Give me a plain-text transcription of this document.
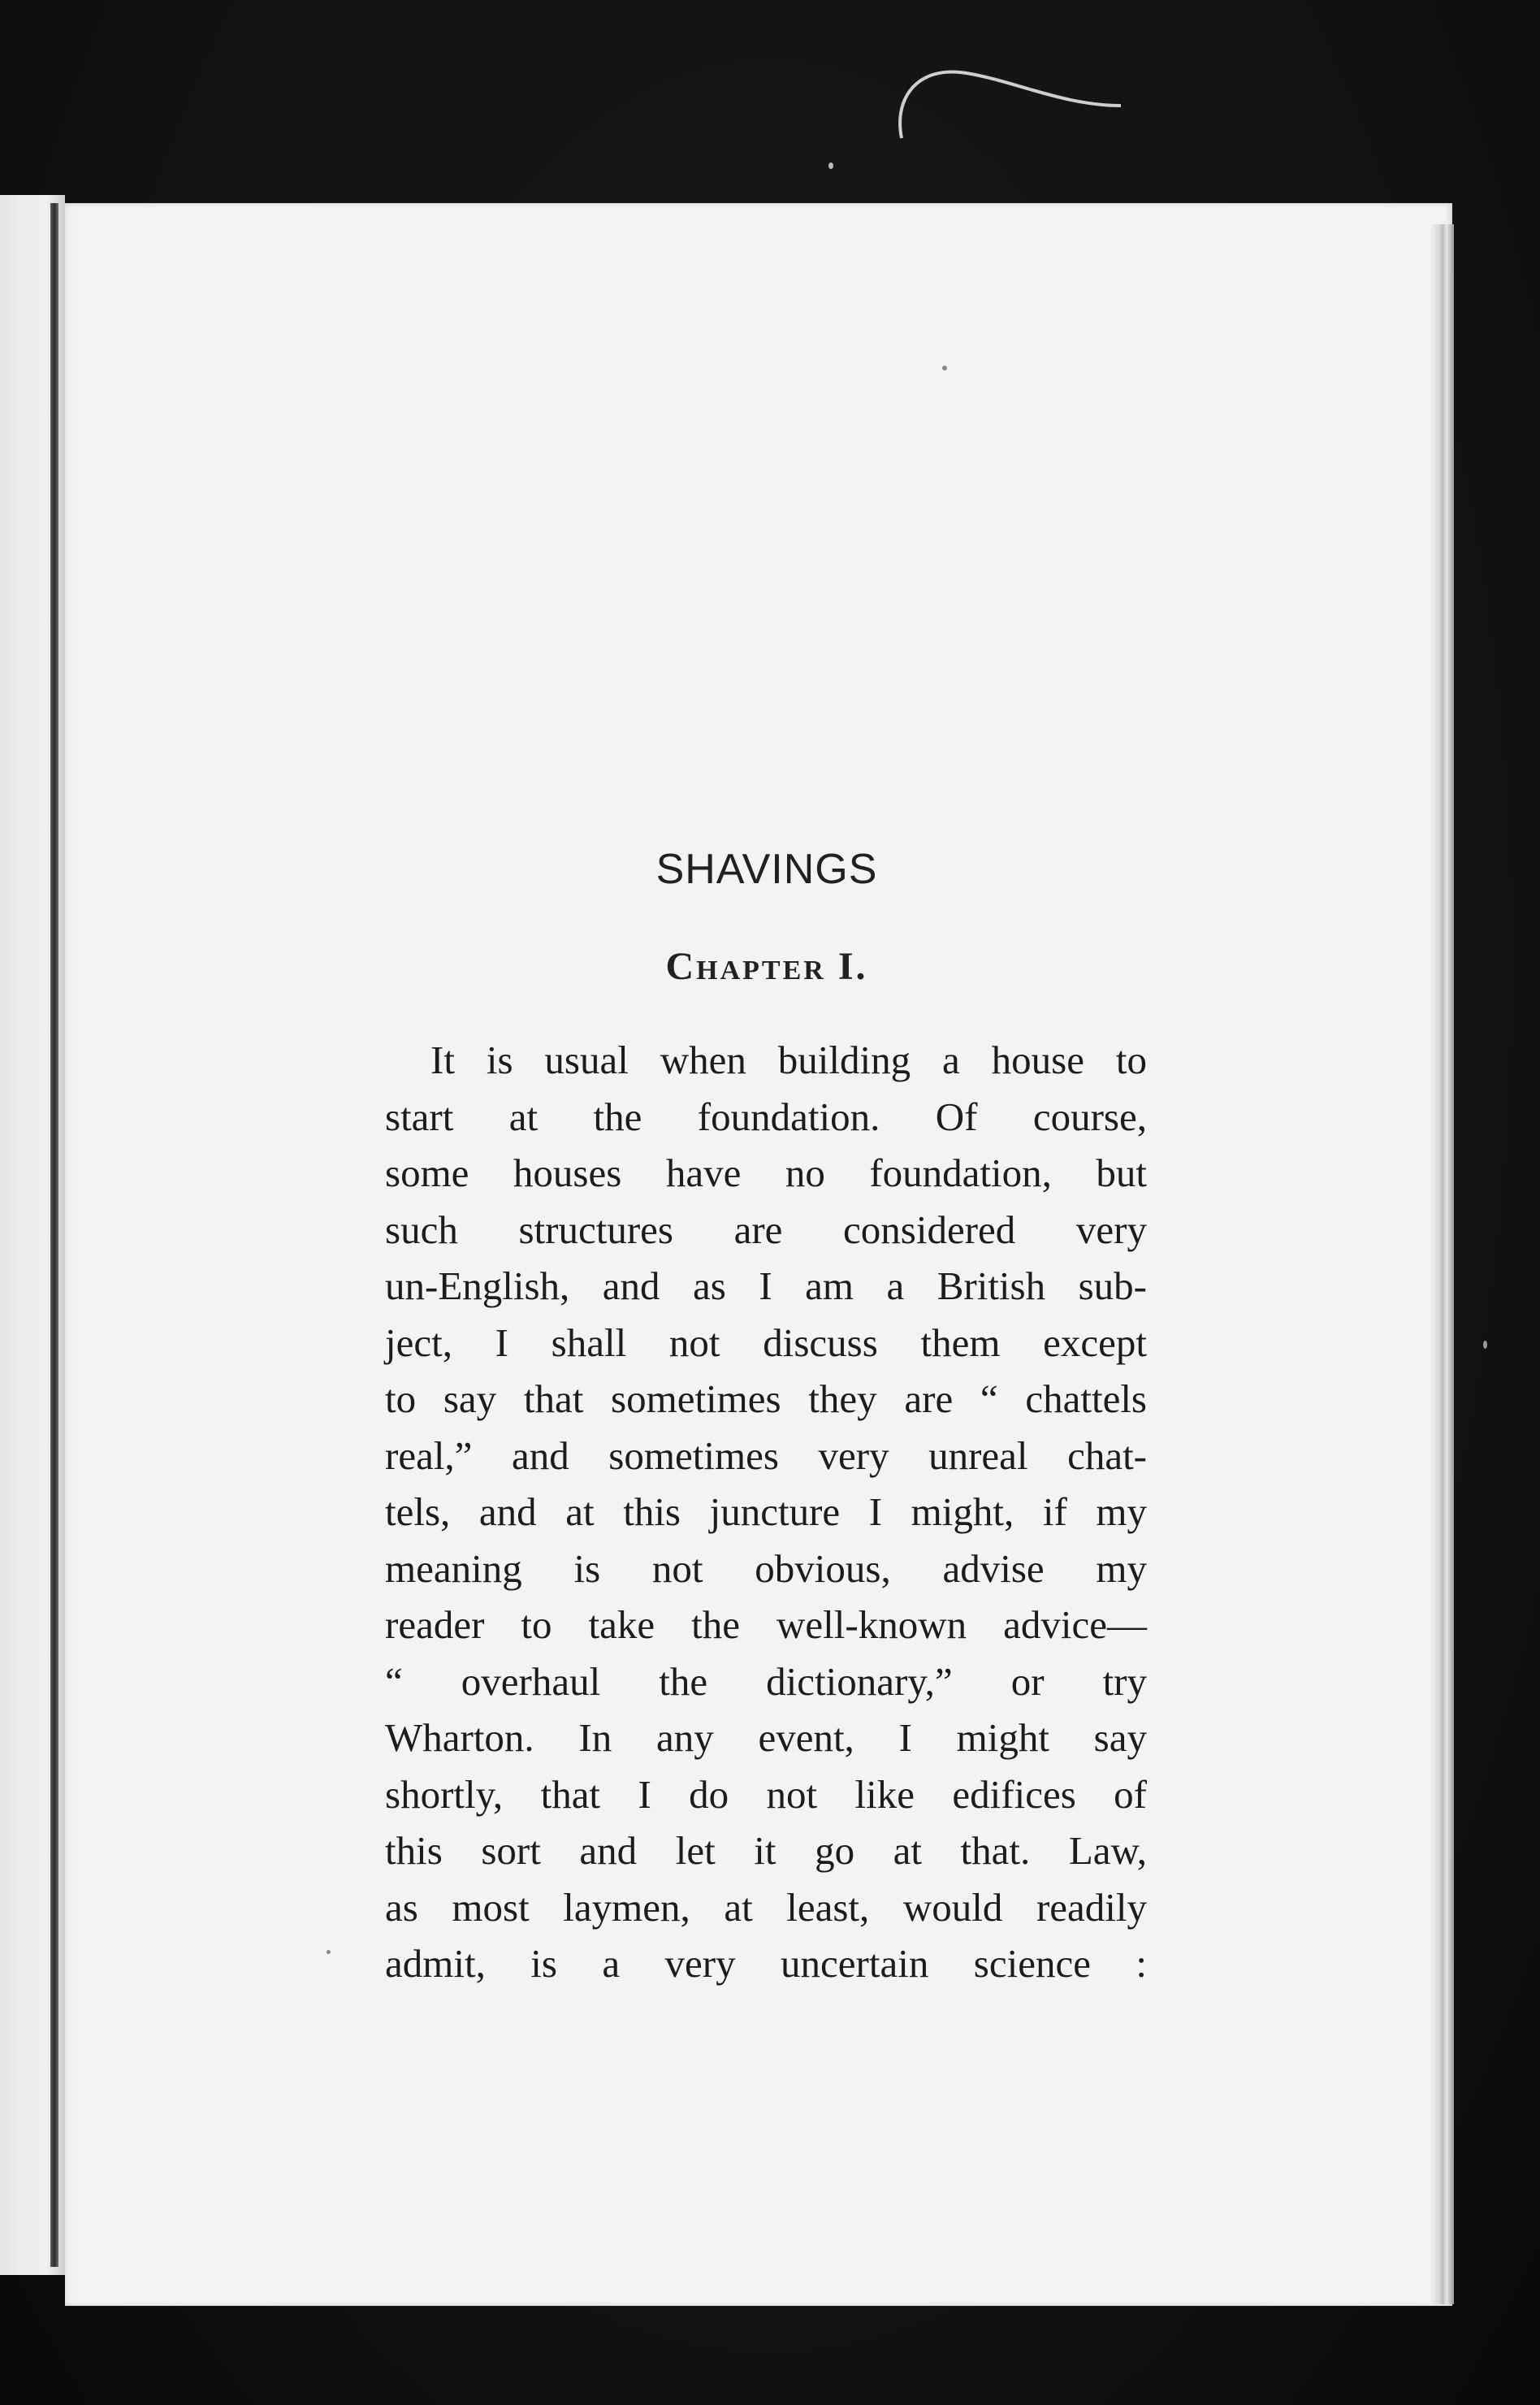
SHAVINGS
Chapter I.
It is usual when building a house to
start at the foundation. Of course,
some houses have no foundation, but
such structures are considered very
un-English, and as I am a British sub-
ject, I shall not discuss them except
to say that sometimes they are “ chattels
real,” and sometimes very unreal chat-
tels, and at this juncture I might, if my
meaning is not obvious, advise my
reader to take the well-known advice—
“ overhaul the dictionary,” or try
Wharton. In any event, I might say
shortly, that I do not like edifices of
this sort and let it go at that. Law,
as most laymen, at least, would readily
admit, is a very uncertain science :
